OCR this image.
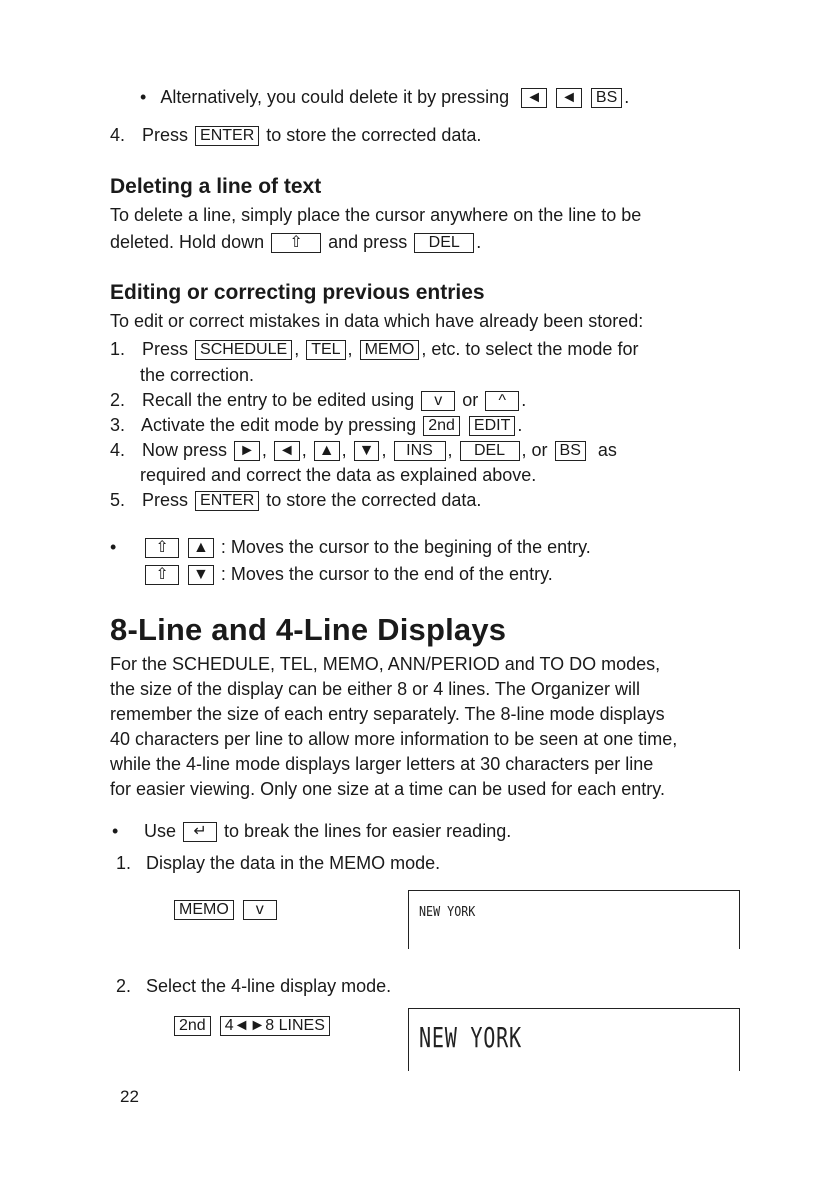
• Alternatively, you could delete it by pressing ◄ ◄ BS .
4. Press ENTER to store the corrected data.
Deleting a line of text
To delete a line, simply place the cursor anywhere on the line to be
deleted. Hold down ⇧ and press DEL .
Editing or correcting previous entries
To edit or correct mistakes in data which have already been stored:
1. Press SCHEDULE , TEL , MEMO , etc. to select the mode for
the correction.
2. Recall the entry to be edited using v or ^ .
3. Activate the edit mode by pressing 2nd EDIT .
4. Now press ► , ◄ , ▲ , ▼ , INS , DEL , or BS as
required and correct the data as explained above.
5. Press ENTER to store the corrected data.
• ⇧ ▲ : Moves the cursor to the begining of the entry.
⇧ ▼ : Moves the cursor to the end of the entry.
8-Line and 4-Line Displays
For the SCHEDULE, TEL, MEMO, ANN/PERIOD and TO DO modes,
the size of the display can be either 8 or 4 lines. The Organizer will
remember the size of each entry separately. The 8-line mode displays
40 characters per line to allow more information to be seen at one time,
while the 4-line mode displays larger letters at 30 characters per line
for easier viewing. Only one size at a time can be used for each entry.
• Use ↵ to break the lines for easier reading.
1. Display the data in the MEMO mode.
MEMO v	NEW YORK
2. Select the 4-line display mode.
2nd 4◄►8 LINES	NEW YORK
22
